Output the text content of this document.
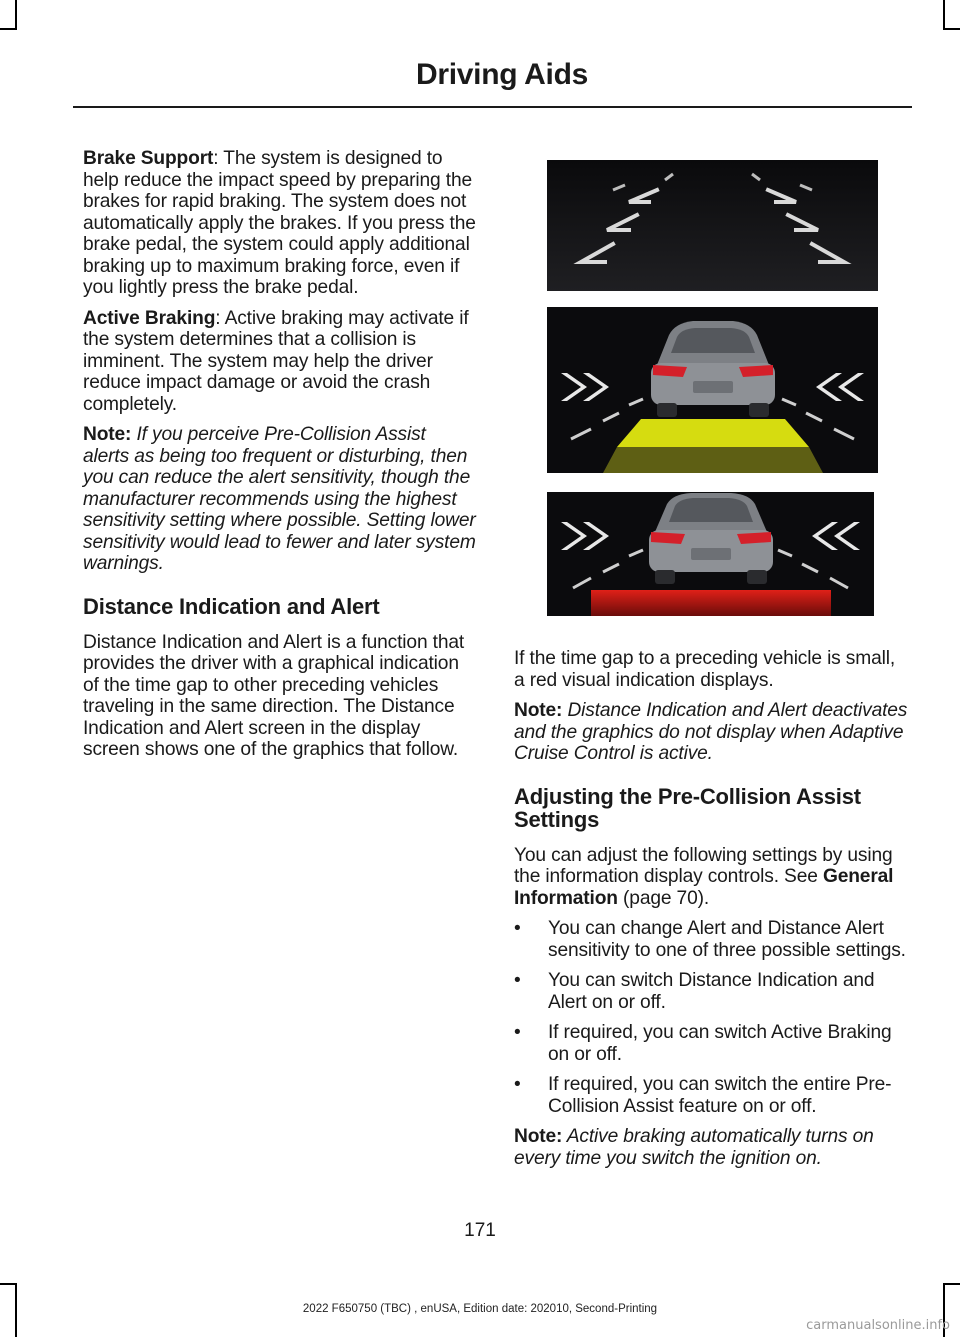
Driving Aids

Brake Support: The system is designed to help reduce the impact speed by preparing the brakes for rapid braking. The system does not automatically apply the brakes. If you press the brake pedal, the system could apply additional braking up to maximum braking force, even if you lightly press the brake pedal.

Active Braking: Active braking may activate if the system determines that a collision is imminent. The system may help the driver reduce impact damage or avoid the crash completely.

Note: If you perceive Pre-Collision Assist alerts as being too frequent or disturbing, then you can reduce the alert sensitivity, though the manufacturer recommends using the highest sensitivity setting where possible. Setting lower sensitivity would lead to fewer and later system warnings.

Distance Indication and Alert

Distance Indication and Alert is a function that provides the driver with a graphical indication of the time gap to other preceding vehicles traveling in the same direction. The Distance Indication and Alert screen in the display screen shows one of the graphics that follow.

If the time gap to a preceding vehicle is small, a red visual indication displays.

Note: Distance Indication and Alert deactivates and the graphics do not display when Adaptive Cruise Control is active.

Adjusting the Pre-Collision Assist Settings

You can adjust the following settings by using the information display controls. See General Information (page 70).

• You can change Alert and Distance Alert sensitivity to one of three possible settings.
• You can switch Distance Indication and Alert on or off.
• If required, you can switch Active Braking on or off.
• If required, you can switch the entire Pre-Collision Assist feature on or off.

Note: Active braking automatically turns on every time you switch the ignition on.

171
2022 F650750 (TBC) , enUSA, Edition date: 202010, Second-Printing
carmanualsonline.info
